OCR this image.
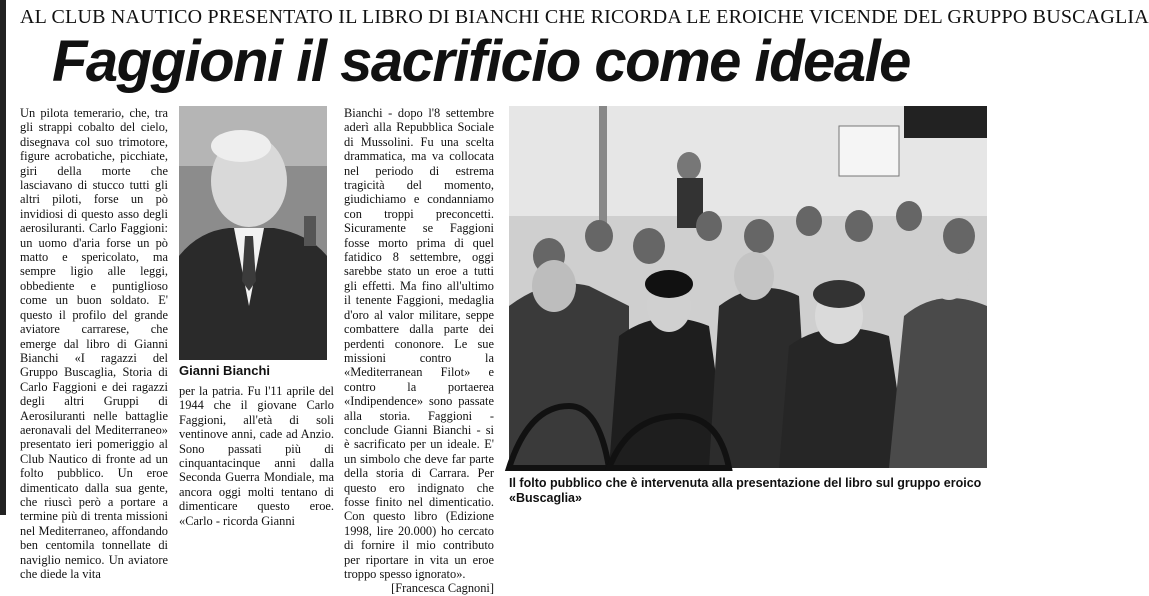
AL CLUB NAUTICO PRESENTATO IL LIBRO DI BIANCHI CHE RICORDA LE EROICHE VICENDE DEL GRUPPO BUSCAGLIA
Faggioni il sacrificio come ideale

Un pilota temerario, che, tra gli strappi cobalto del cielo, disegnava col suo trimotore, figure acrobatiche, picchiate, giri della morte che lasciavano di stucco tutti gli altri piloti, forse un pò invidiosi di questo asso degli aerosiluranti. Carlo Faggioni: un uomo d'aria forse un pò matto e spericolato, ma sempre ligio alle leggi, obbediente e puntiglioso come un buon soldato. E' questo il profilo del grande aviatore carrarese, che emerge dal libro di Gianni Bianchi «I ragazzi del Gruppo Buscaglia, Storia di Carlo Faggioni e dei ragazzi degli altri Gruppi di Aerosiluranti nelle battaglie aeronavali del Mediterraneo» presentato ieri pomeriggio al Club Nautico di fronte ad un folto pubblico. Un eroe dimenticato dalla sua gente, che riuscì però a portare a termine più di trenta missioni nel Mediterraneo, affondando ben centomila tonnellate di naviglio nemico. Un aviatore che diede la vita

Gianni Bianchi

per la patria. Fu l'11 aprile del 1944 che il giovane Carlo Faggioni, all'età di soli ventinove anni, cade ad Anzio. Sono passati più di cinquantacinque anni dalla Seconda Guerra Mondiale, ma ancora oggi molti tentano di dimenticare questo eroe. «Carlo - ricorda Gianni

Bianchi - dopo l'8 settembre aderì alla Repubblica Sociale di Mussolini. Fu una scelta drammatica, ma va collocata nel periodo di estrema tragicità del momento, giudichiamo e condanniamo con troppi preconcetti. Sicuramente se Faggioni fosse morto prima di quel fatidico 8 settembre, oggi sarebbe stato un eroe a tutti gli effetti. Ma fino all'ultimo il tenente Faggioni, medaglia d'oro al valor militare, seppe combattere dalla parte dei perdenti cononore. Le sue missioni contro la «Mediterranean Filot» e contro la portaerea «Indipendence» sono passate alla storia. Faggioni - conclude Gianni Bianchi - si è sacrificato per un ideale. E' un simbolo che deve far parte della storia di Carrara. Per questo ero indignato che fosse finito nel dimenticatio. Con questo libro (Edizione 1998, lire 20.000) ho cercato di fornire il mio contributo per riportare in vita un eroe troppo spesso ignorato».

[Francesca Cagnoni]

Il folto pubblico che è intervenuta alla presentazione del libro sul gruppo eroico «Buscaglia»
